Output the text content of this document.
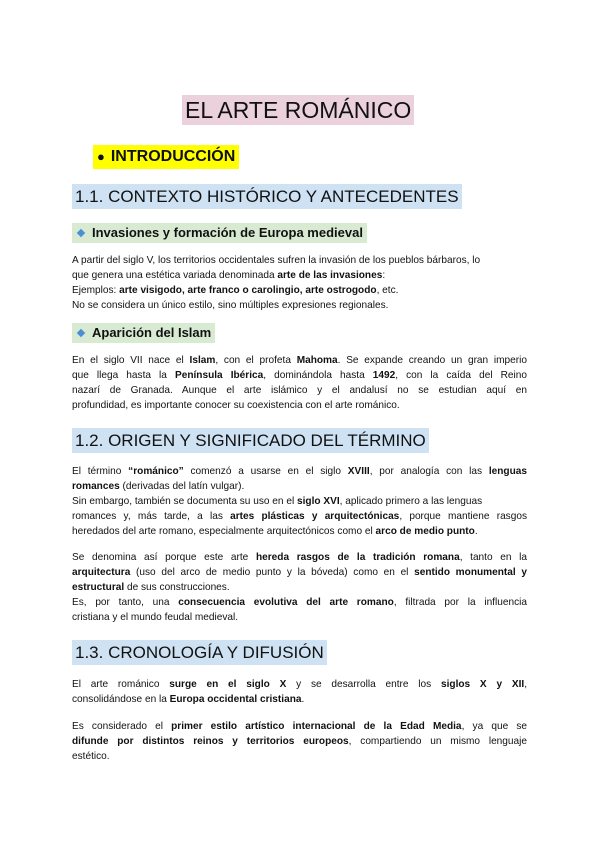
EL ARTE ROMÁNICO
● INTRODUCCIÓN
1.1. CONTEXTO HISTÓRICO Y ANTECEDENTES
Invasiones y formación de Europa medieval
A partir del siglo V, los territorios occidentales sufren la invasión de los pueblos bárbaros, lo
que genera una estética variada denominada arte de las invasiones:
Ejemplos: arte visigodo, arte franco o carolingio, arte ostrogodo, etc.
No se considera un único estilo, sino múltiples expresiones regionales.
Aparición del Islam
En el siglo VII nace el Islam, con el profeta Mahoma. Se expande creando un gran imperio
que llega hasta la Península Ibérica, dominándola hasta 1492, con la caída del Reino
nazarí de Granada. Aunque el arte islámico y el andalusí no se estudian aquí en
profundidad, es importante conocer su coexistencia con el arte románico.
1.2. ORIGEN Y SIGNIFICADO DEL TÉRMINO
El término “románico” comenzó a usarse en el siglo XVIII, por analogía con las lenguas
romances (derivadas del latín vulgar).
Sin embargo, también se documenta su uso en el siglo XVI, aplicado primero a las lenguas
romances y, más tarde, a las artes plásticas y arquitectónicas, porque mantiene rasgos
heredados del arte romano, especialmente arquitectónicos como el arco de medio punto.
Se denomina así porque este arte hereda rasgos de la tradición romana, tanto en la
arquitectura (uso del arco de medio punto y la bóveda) como en el sentido monumental y
estructural de sus construcciones.
Es, por tanto, una consecuencia evolutiva del arte romano, filtrada por la influencia
cristiana y el mundo feudal medieval.
1.3. CRONOLOGÍA Y DIFUSIÓN
El arte románico surge en el siglo X y se desarrolla entre los siglos X y XII,
consolidándose en la Europa occidental cristiana.
Es considerado el primer estilo artístico internacional de la Edad Media, ya que se
difunde por distintos reinos y territorios europeos, compartiendo un mismo lenguaje
estético.
